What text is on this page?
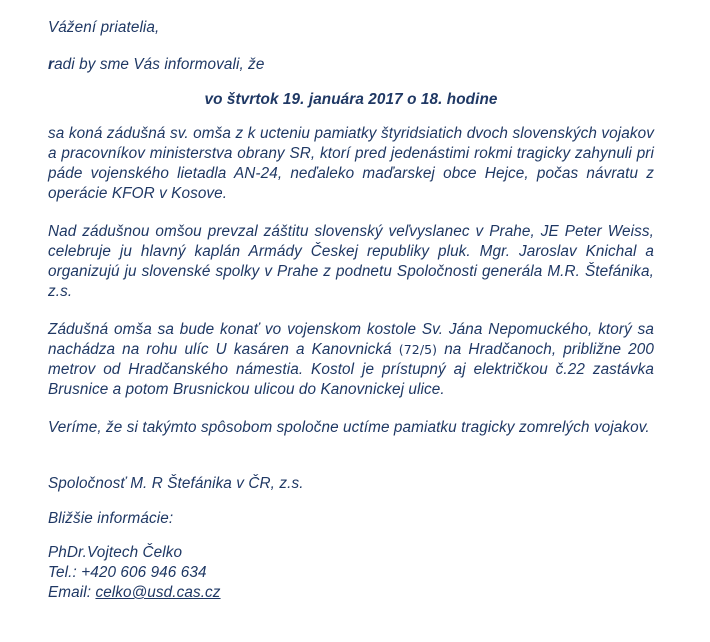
Vážení priatelia,
radi by sme Vás informovali, že
vo štvrtok 19. januára 2017 o 18. hodine
sa koná zádušná sv. omša z k ucteniu pamiatky štyridsiatich dvoch slovenských vojakov a pracovníkov ministerstva obrany SR, ktorí pred jedenástimi rokmi tragicky zahynuli pri páde vojenského lietadla AN-24, neďaleko maďarskej obce Hejce, počas návratu z operácie KFOR v Kosove.
Nad zádušnou omšou prevzal záštitu slovenský veľvyslanec v Prahe, JE Peter Weiss, celebruje ju hlavný kaplán Armády Českej republiky pluk. Mgr. Jaroslav Knichal a organizujú ju slovenské spolky v Prahe z podnetu Spoločnosti generála M.R. Štefánika, z.s.
Zádušná omša sa bude konať vo vojenskom kostole Sv. Jána Nepomuckého, ktorý sa nachádza na rohu ulíc U kasáren a Kanovnická (72/5) na Hradčanoch, približne 200 metrov od Hradčanského námestia. Kostol je prístupný aj električkou č.22 zastávka Brusnice a potom Brusnickou ulicou do Kanovnickej ulice.
Veríme, že si takýmto spôsobom spoločne uctíme pamiatku tragicky zomrelých vojakov.
Spoločnosť M. R Štefánika v ČR, z.s.
Bližšie informácie:
PhDr.Vojtech Čelko
Tel.: +420 606 946 634
Email: celko@usd.cas.cz
